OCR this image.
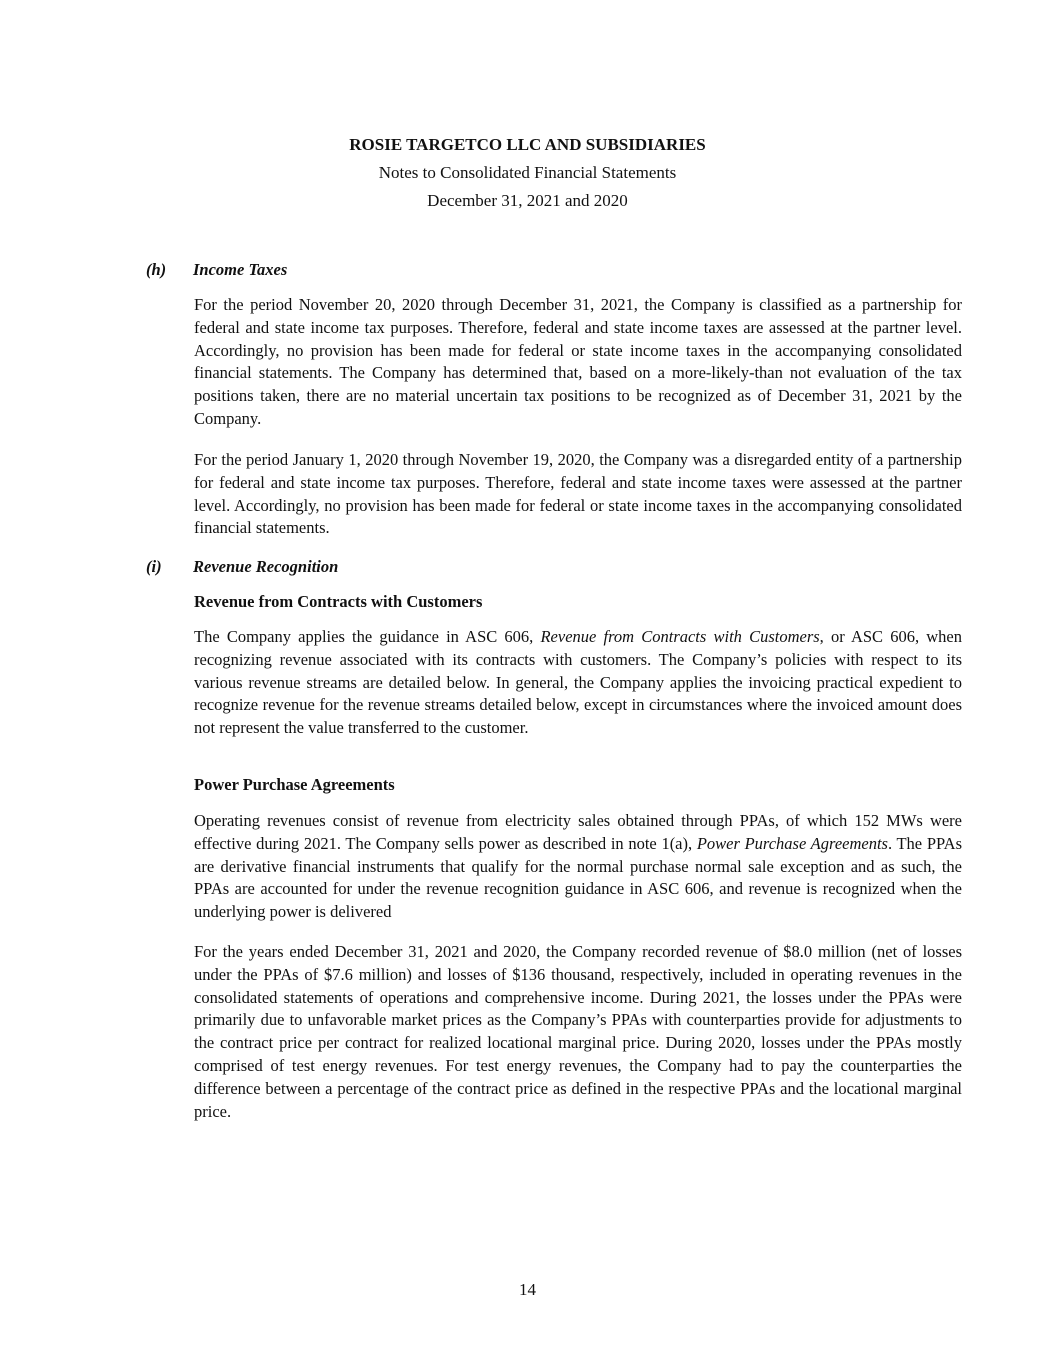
ROSIE TARGETCO LLC AND SUBSIDIARIES
Notes to Consolidated Financial Statements
December 31, 2021 and 2020
(h) Income Taxes
For the period November 20, 2020 through December 31, 2021, the Company is classified as a partnership for federal and state income tax purposes. Therefore, federal and state income taxes are assessed at the partner level. Accordingly, no provision has been made for federal or state income taxes in the accompanying consolidated financial statements. The Company has determined that, based on a more-likely-than not evaluation of the tax positions taken, there are no material uncertain tax positions to be recognized as of December 31, 2021 by the Company.
For the period January 1, 2020 through November 19, 2020, the Company was a disregarded entity of a partnership for federal and state income tax purposes. Therefore, federal and state income taxes were assessed at the partner level. Accordingly, no provision has been made for federal or state income taxes in the accompanying consolidated financial statements.
(i) Revenue Recognition
Revenue from Contracts with Customers
The Company applies the guidance in ASC 606, Revenue from Contracts with Customers, or ASC 606, when recognizing revenue associated with its contracts with customers. The Company’s policies with respect to its various revenue streams are detailed below. In general, the Company applies the invoicing practical expedient to recognize revenue for the revenue streams detailed below, except in circumstances where the invoiced amount does not represent the value transferred to the customer.
Power Purchase Agreements
Operating revenues consist of revenue from electricity sales obtained through PPAs, of which 152 MWs were effective during 2021. The Company sells power as described in note 1(a), Power Purchase Agreements. The PPAs are derivative financial instruments that qualify for the normal purchase normal sale exception and as such, the PPAs are accounted for under the revenue recognition guidance in ASC 606, and revenue is recognized when the underlying power is delivered
For the years ended December 31, 2021 and 2020, the Company recorded revenue of $8.0 million (net of losses under the PPAs of $7.6 million) and losses of $136 thousand, respectively, included in operating revenues in the consolidated statements of operations and comprehensive income. During 2021, the losses under the PPAs were primarily due to unfavorable market prices as the Company’s PPAs with counterparties provide for adjustments to the contract price per contract for realized locational marginal price. During 2020, losses under the PPAs mostly comprised of test energy revenues. For test energy revenues, the Company had to pay the counterparties the difference between a percentage of the contract price as defined in the respective PPAs and the locational marginal price.
14
